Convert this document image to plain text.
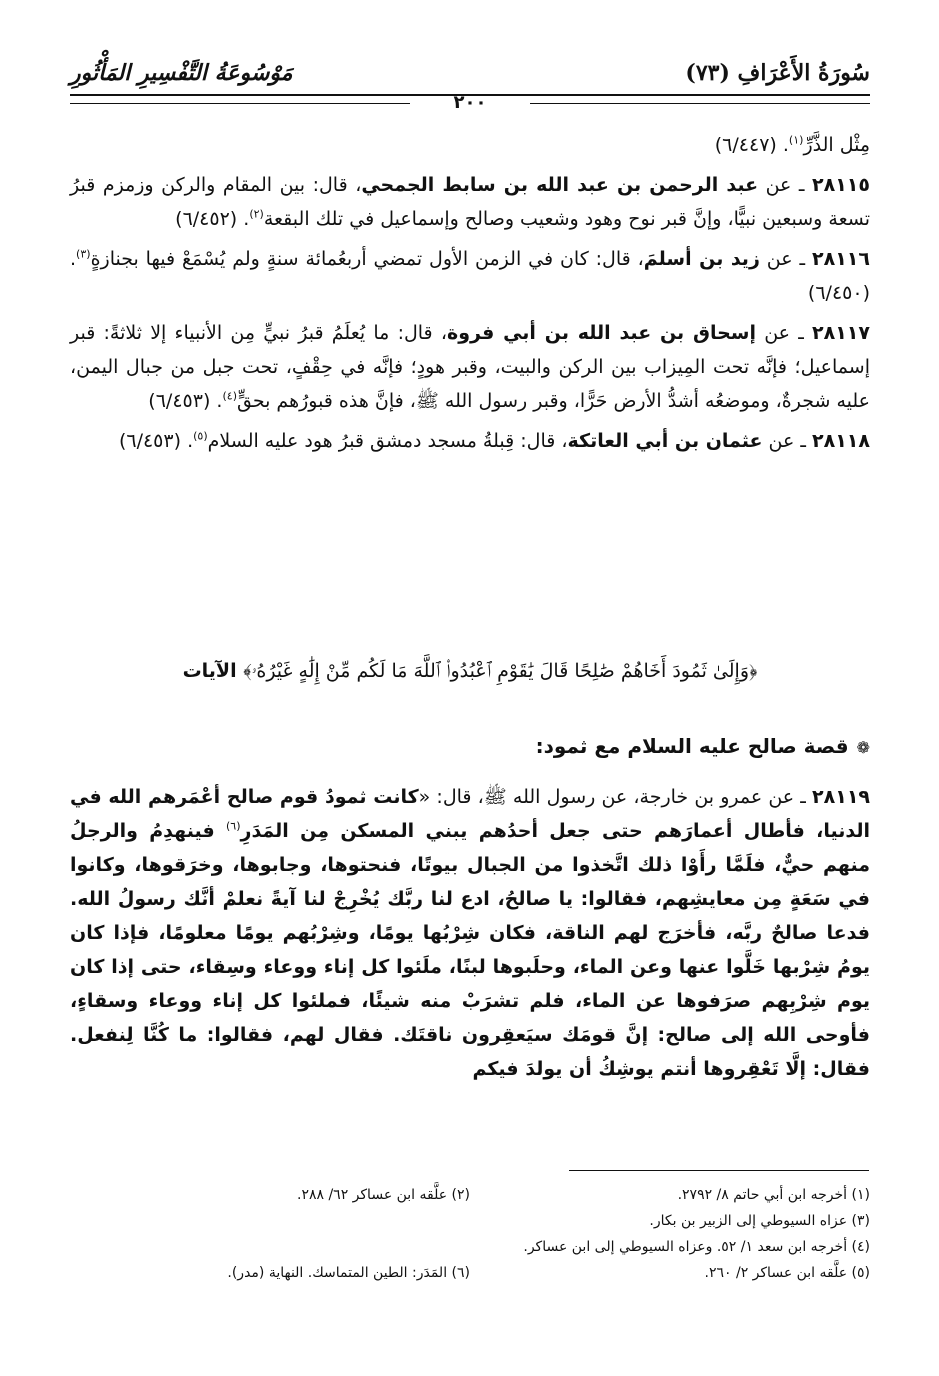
سُورَةُ الأَعْرَافِ (٧٣)
مَوْسُوعَةُ التَّفْسِيرِ المَأْثُورِ
٢٠٠

مِثْل الذَّرِّ$^{(١)}$. (٦/٤٤٧)

٢٨١١٥ ـ عن عبد الرحمن بن عبد الله بن سابط الجمحي، قال: بين المقام والركن وزمزم قبرُ تسعة وسبعين نبيًّا، وإنَّ قبر نوح وهود وشعيب وصالح وإسماعيل في تلك البقعة$^{(٢)}$. (٦/٤٥٢)

٢٨١١٦ ـ عن زيد بن أسلمَ، قال: كان في الزمن الأول تمضي أربعُمائة سنةٍ ولم يُسْمَعْ فيها بجنازةٍ$^{(٣)}$. (٦/٤٥٠)

٢٨١١٧ ـ عن إسحاق بن عبد الله بن أبي فروة، قال: ما يُعلَمُ قبرُ نبيٍّ مِن الأنبياء إلا ثلاثةً: قبر إسماعيل؛ فإنَّه تحت المِيزاب بين الركن والبيت، وقبر هودٍ؛ فإنَّه في حِقْفٍ، تحت جبل من جبال اليمن، عليه شجرةٌ، وموضعُه أشدُّ الأرض حَرًّا، وقبر رسول الله ﷺ، فإنَّ هذه قبورُهم بحقٍّ$^{(٤)}$. (٦/٤٥٣)

٢٨١١٨ ـ عن عثمان بن أبي العاتكة، قال: قِبلةُ مسجد دمشق قبرُ هود عليه السلام$^{(٥)}$. (٦/٤٥٣)

﴿وَإِلَىٰ ثَمُودَ أَخَاهُمْ صَٰلِحًا قَالَ يَٰقَوْمِ ٱعْبُدُوا۟ ٱللَّهَ مَا لَكُم مِّنْ إِلَٰهٍ غَيْرُهُۥ﴾ الآيات
❁قصة صالح عليه السلام مع ثمود:
٢٨١١٩ ـ عن عمرو بن خارجة، عن رسول الله ﷺ، قال: «كانت ثمودُ قوم صالح أعْمَرهم الله في الدنيا، فأطال أعمارَهم حتى جعل أحدُهم يبني المسكن مِن المَدَرِ$^{(٦)}$ فينهدِمُ والرجلُ منهم حيٌّ، فلَمَّا رأَوْا ذلك اتَّخذوا من الجبال بيوتًا، فنحتوها، وجابوها، وخرَقوها، وكانوا في سَعَةٍ مِن معايشِهم، فقالوا: يا صالحُ، ادع لنا ربَّك يُخْرِجْ لنا آيةً نعلمْ أنَّك رسولُ الله. فدعا صالحٌ ربَّه، فأخرَج لهم الناقة، فكان شِرْبُها يومًا، وشِرْبُهم يومًا معلومًا، فإذا كان يومُ شِرْبها خَلَّوا عنها وعن الماء، وحلَبوها لبنًا، ملَئوا كل إناء ووعاء وسِقاء، حتى إذا كان يوم شِرْبِهم صرَفوها عن الماء، فلم تشرَبْ منه شيئًا، فملئوا كل إناء ووعاء وسقاءٍ، فأوحى الله إلى صالح: إنَّ قومَك سيَعقِرون ناقتَك. فقال لهم، فقالوا: ما كُنَّا لِنفعل. فقال: إلَّا تَعْقِروها أنتم يوشِكُ أن يولدَ فيكم
(١) أخرجه ابن أبي حاتم ٨/ ٢٧٩٢.
(٢) علَّقه ابن عساكر ٦٢/ ٢٨٨.
(٣) عزاه السيوطي إلى الزبير بن بكار.
(٤) أخرجه ابن سعد ١/ ٥٢. وعزاه السيوطي إلى ابن عساكر.
(٥) علَّقه ابن عساكر ٢/ ٢٦٠.
(٦) المَدَر: الطين المتماسك. النهاية (مدر).
